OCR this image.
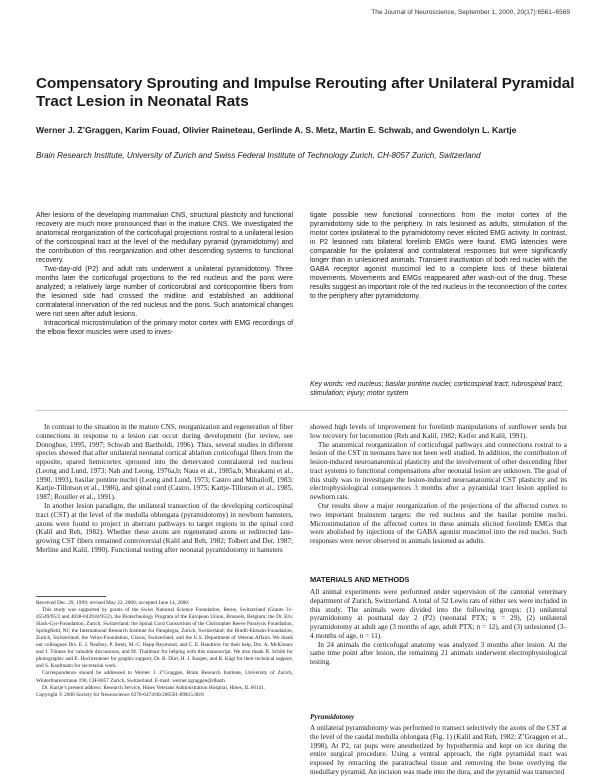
The Journal of Neuroscience, September 1, 2000, 20(17):6561–6569
Compensatory Sprouting and Impulse Rerouting after Unilateral Pyramidal Tract Lesion in Neonatal Rats

Werner J. Z’Graggen, Karim Fouad, Olivier Raineteau, Gerlinde A. S. Metz, Martin E. Schwab, and Gwendolyn L. Kartje

Brain Research Institute, University of Zurich and Swiss Federal Institute of Technology Zurich, CH-8057 Zurich, Switzerland

After lesions of the developing mammalian CNS, structural plasticity and functional recovery are much more pronounced than in the mature CNS. We investigated the anatomical reorganization of the corticofugal projections rostral to a unilateral lesion of the corticospinal tract at the level of the medullary pyramid (pyramidotomy) and the contribution of this reorganization and other descending systems to functional recovery.

Two-day-old (P2) and adult rats underwent a unilateral pyramidotomy. Three months later the corticofugal projections to the red nucleus and the pons were analyzed; a relatively large number of corticorubral and corticopontine fibers from the lesioned side had crossed the midline and established an additional contralateral innervation of the red nucleus and the pons. Such anatomical changes were not seen after adult lesions.

Intracortical microstimulation of the primary motor cortex with EMG recordings of the elbow flexor muscles were used to inves-

tigate possible new functional connections from the motor cortex of the pyramidotomy side to the periphery. In rats lesioned as adults, stimulation of the motor cortex ipsilateral to the pyramidotomy never elicited EMG activity. In contrast, in P2 lesioned rats bilateral forelimb EMGs were found. EMG latencies were comparable for the ipsilateral and contralateral responses but were significantly longer than in unlesioned animals. Transient inactivation of both red nuclei with the GABA receptor agonist muscimol led to a complete loss of these bilateral movements. Movements and EMGs reappeared after wash-out of the drug. These results suggest an important role of the red nucleus in the reconnection of the cortex to the periphery after pyramidotomy.

Key words: red nucleus; basilar pontine nuclei; corticospinal tract; rubrospinal tract; stimulation; injury; motor system

In contrast to the situation in the mature CNS, reorganization and regeneration of fiber connections in response to a lesion can occur during development (for review, see Donoghue, 1995, 1997; Schwab and Bartholdi, 1996). Thus, several studies in different species showed that after unilateral neonatal cortical ablation corticofugal fibers from the opposite, spared hemicortex sprouted into the denervated contralateral red nucleus (Leong and Lund, 1973; Nah and Leong, 1976a,b; Naus et al., 1985a,b; Murakami et al., 1990, 1993), basilar pontine nuclei (Leong and Lund, 1973; Castro and Mihailoff, 1983; Kartje-Tillotson et al., 1986), and spinal cord (Castro, 1975; Kartje-Tillotson et al., 1985, 1987; Rouiller et al., 1991).

In another lesion paradigm, the unilateral transection of the developing corticospinal tract (CST) at the level of the medulla oblongata (pyramidotomy) in newborn hamsters, axons were found to project in aberrant pathways to target regions in the spinal cord (Kalil and Reh, 1982). Whether these axons are regenerated axons or redirected late-growing CST fibers remained controversial (Kalil and Reh, 1982; Tolbert and Der, 1987; Merline and Kalil, 1990). Functional testing after neonatal pyramidotomy in hamsters

showed high levels of improvement for forelimb manipulations of sunflower seeds but low recovery for locomotion (Reh and Kalil, 1982; Keifer and Kalil, 1991).

The anatomical reorganization of corticofugal pathways and connections rostral to a lesion of the CST in neonates have not been well studied. In addition, the contribution of lesion-induced neuroanatomical plasticity and the involvement of other descending fiber tract systems to functional compensations after neonatal lesion are unknown. The goal of this study was to investigate the lesion-induced neuroanatomical CST plasticity and its electrophysiological consequences 3 months after a pyramidal tract lesion applied to newborn rats.

Our results show a major reorganization of the projections of the affected cortex to two important brainstem targets: the red nucleus and the basilar pontine nuclei. Microstimulation of the affected cortex in these animals elicited forelimb EMGs that were abolished by injections of the GABA agonist muscimol into the red nuclei. Such responses were never observed in animals lesioned as adults.

Received Dec. 29, 1999; revised May 22, 2000; accepted June 14, 2000.

This study was supported by grants of the Swiss National Science Foundation, Berne, Switzerland (Grants 31-45549/95/2 and 4038-043918/95/2), the Biotechnology Program of the European Union, Brussels, Belgium; the Dr. Eric Slack-Gyr-Foundation, Zurich, Switzerland; the Spinal Cord Consortium of the Christopher Reeve Paralysis Foundation, Springfield, NJ; the International Research Institute for Paraplegia, Zurich, Switzerland; the Bindli-Ehrsam-Foundation, Zurich, Switzerland; the Velux-Foundation, Glarus, Switzerland, and the U.S. Department of Veteran Affairs. We thank our colleagues Drs. E. J. Neafsey, P. Streit, M.-C. Hepp-Reymond, and C. E. Bandtlow for their help, Drs. A. McKinney and J. Tönnes for valuable discussions, and M. Thallmair for helping with this manuscript. We also thank R. Schöb for photographic and E. Hochreutener for graphic support, Dr. R. Dürr, H. J. Kasper, and R. Kägi for their technical support, and S. Kaufmann for secretarial work.

Correspondence should be addressed to Werner J. Z’Graggen, Brain Research Institute, University of Zurich, Winterthurerstrasse 190, CH-8057 Zurich, Switzerland. E-mail: werner.zgraggen@dhazh.

Dr. Kartje’s present address: Research Service, Hines Veterans Administration Hospital, Hines, IL 60141.

Copyright © 2000 Society for Neuroscience 0270-6474/00/206561-09$15.00/0

MATERIALS AND METHODS

All animal experiments were performed under supervision of the cantonal veterinary department of Zurich, Switzerland. A total of 52 Lewis rats of either sex were included in this study. The animals were divided into the following groups: (1) unilateral pyramidotomy at postnatal day 2 (P2) (neonatal PTX; n = 29), (2) unilateral pyramidotomy at adult age (3 months of age, adult PTX; n = 12), and (3) unlesioned (3–4 months of age, n = 11).

In 24 animals the corticofugal anatomy was analyzed 3 months after lesion. At the same time point after lesion, the remaining 21 animals underwent electrophysiological testing.

Pyramidotomy

A unilateral pyramidotomy was performed to transect selectively the axons of the CST at the level of the caudal medulla oblongata (Fig. 1) (Kalil and Reh, 1982; Z’Graggen et al., 1998). At P2, rat pups were anesthetized by hypothermia and kept on ice during the entire surgical procedure. Using a ventral approach, the right pyramidal tract was exposed by retracting the paratracheal tissue and removing the bone overlying the medullary pyramid. An incision was made into the dura, and the pyramid was transected
